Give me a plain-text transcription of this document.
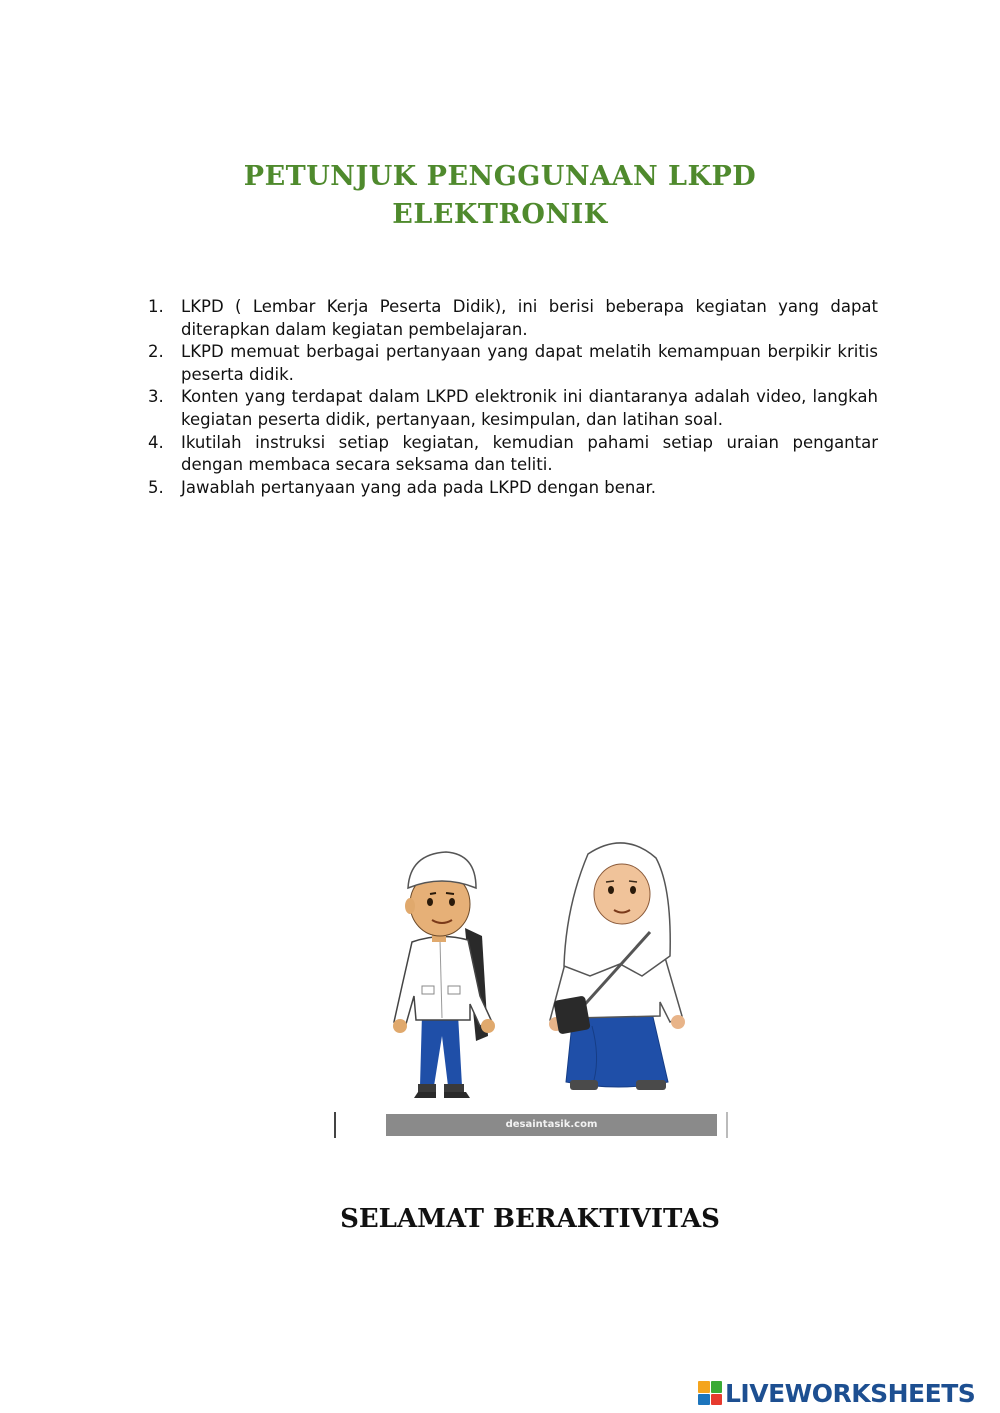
PETUNJUK PENGGUNAAN LKPD
ELEKTRONIK
1. LKPD ( Lembar Kerja Peserta Didik), ini berisi beberapa kegiatan yang dapat diterapkan dalam kegiatan pembelajaran.
2. LKPD memuat berbagai pertanyaan yang dapat melatih kemampuan berpikir kritis peserta didik.
3. Konten yang terdapat dalam LKPD elektronik ini diantaranya adalah video, langkah kegiatan peserta didik, pertanyaan, kesimpulan, dan latihan soal.
4. Ikutilah instruksi setiap kegiatan, kemudian pahami setiap uraian pengantar dengan membaca secara seksama dan teliti.
5. Jawablah pertanyaan yang ada pada LKPD dengan benar.
desaintasik.com
SELAMAT BERAKTIVITAS
LIVEWORKSHEETS
